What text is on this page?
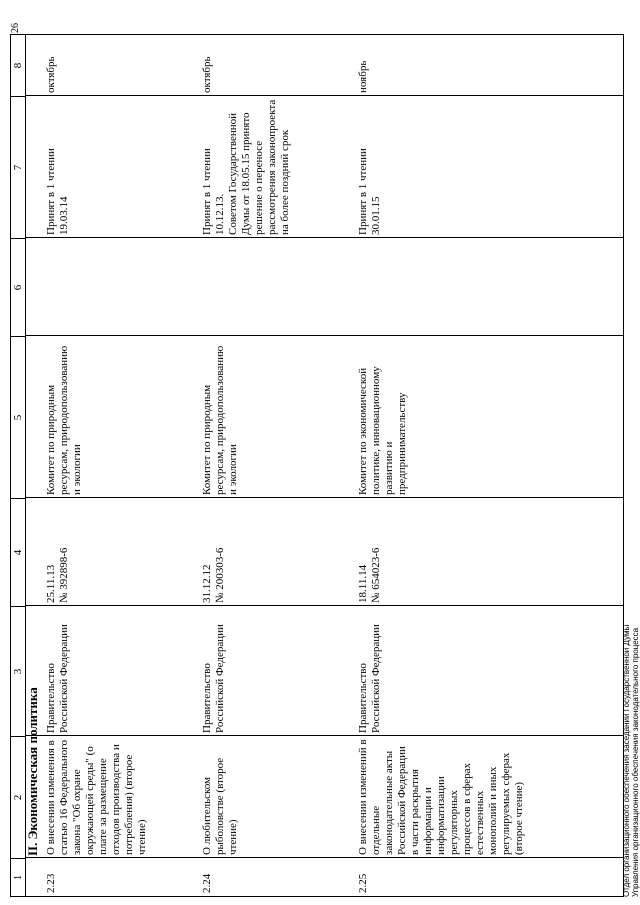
26
1
2
3
4
5
6
7
8
II. Экономическая политика
2.23
О внесении изменения в статью 16 Федерального закона "Об охране окружающей среды" (о плате за размещение отходов производства и потребления) (второе чтение)
Правительство Российской Федерации
25.11.13
№ 392898-6
Комитет по природным ресурсам, природопользованию и экологии
Принят в 1 чтении
19.03.14
октябрь
2.24
О любительском рыболовстве (второе чтение)
Правительство Российской Федерации
31.12.12
№ 200303-6
Комитет по природным ресурсам, природопользованию и экологии
Принят в 1 чтении
10.12.13.
Советом Государственной Думы от 18.05.15 принято решение о переносе рассмотрения законопроекта на более поздний срок
октябрь
2.25
О внесении изменений в отдельные законодательные акты Российской Федерации в части раскрытия информации и информатизации регуляторных процессов в сферах естественных монополий и иных регулируемых сферах (второе чтение)
Правительство Российской Федерации
18.11.14
№ 654023-6
Комитет по экономической политике, инновационному развитию и предпринимательству
Принят в 1 чтении
30.01.15
ноябрь
Отдел организационного обеспечения заседаний Государственной Думы Управления организационного обеспечения законодательного процесса
